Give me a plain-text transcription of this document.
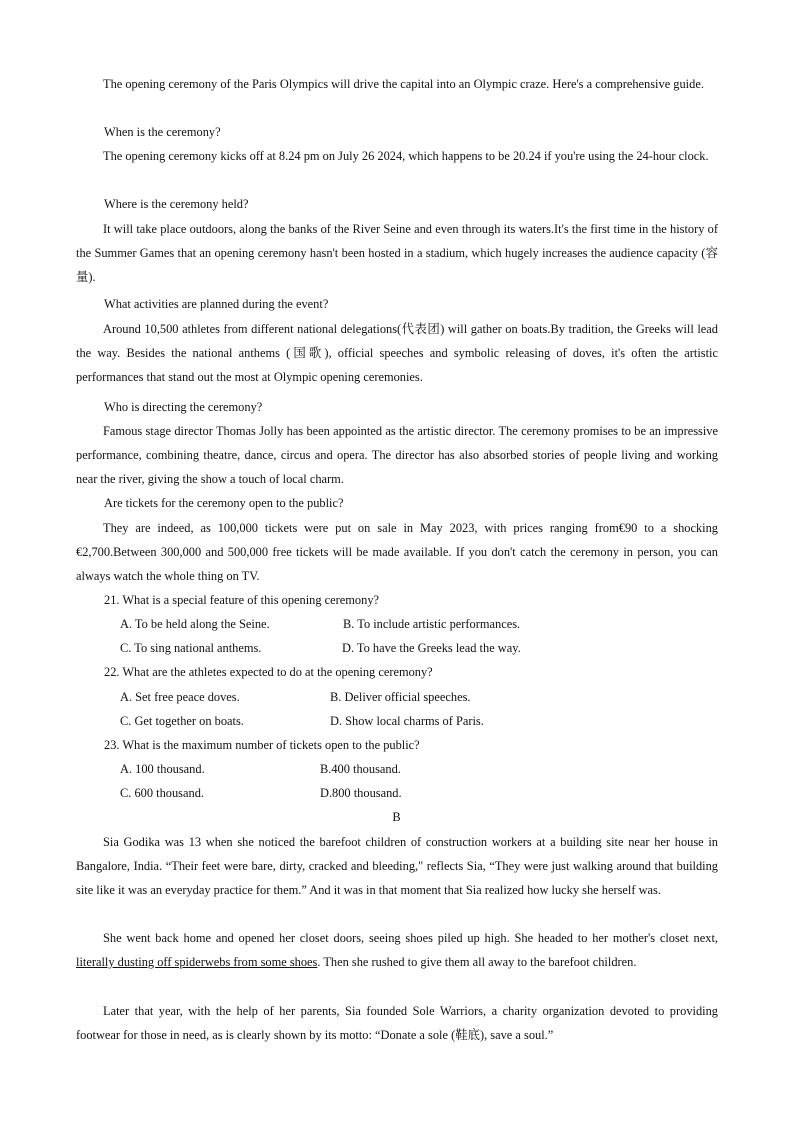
The opening ceremony of the Paris Olympics will drive the capital into an Olympic craze. Here's a comprehensive guide.

When is the ceremony?

The opening ceremony kicks off at 8.24 pm on July 26 2024, which happens to be 20.24 if you're using the 24-hour clock.

Where is the ceremony held?

It will take place outdoors, along the banks of the River Seine and even through its waters.It's the first time in the history of the Summer Games that an opening ceremony hasn't been hosted in a stadium, which hugely increases the audience capacity (容量).

What activities are planned during the event?

Around 10,500 athletes from different national delegations(代表团) will gather on boats.By tradition, the Greeks will lead the way. Besides the national anthems (国歌), official speeches and symbolic releasing of doves, it's often the artistic performances that stand out the most at Olympic opening ceremonies.

Who is directing the ceremony?

Famous stage director Thomas Jolly has been appointed as the artistic director. The ceremony promises to be an impressive performance, combining theatre, dance, circus and opera. The director has also absorbed stories of people living and working near the river, giving the show a touch of local charm.

Are tickets for the ceremony open to the public?

They are indeed, as 100,000 tickets were put on sale in May 2023, with prices ranging from€90 to a shocking €2,700.Between 300,000 and 500,000 free tickets will be made available. If you don't catch the ceremony in person, you can always watch the whole thing on TV.

21. What is a special feature of this opening ceremony?
A. To be held along the Seine.	B. To include artistic performances.
C. To sing national anthems.	D. To have the Greeks lead the way.
22. What are the athletes expected to do at the opening ceremony?
A. Set free peace doves.	B. Deliver official speeches.
C. Get together on boats.	D. Show local charms of Paris.
23. What is the maximum number of tickets open to the public?
A. 100 thousand.	B.400 thousand.
C. 600 thousand.	D.800 thousand.
B

Sia Godika was 13 when she noticed the barefoot children of construction workers at a building site near her house in Bangalore, India. “Their feet were bare, dirty, cracked and bleeding," reflects Sia, “They were just walking around that building site like it was an everyday practice for them.” And it was in that moment that Sia realized how lucky she herself was.

She went back home and opened her closet doors, seeing shoes piled up high. She headed to her mother's closet next, literally dusting off spiderwebs from some shoes. Then she rushed to give them all away to the barefoot children.

Later that year, with the help of her parents, Sia founded Sole Warriors, a charity organization devoted to providing footwear for those in need, as is clearly shown by its motto: “Donate a sole (鞋底), save a soul.”
